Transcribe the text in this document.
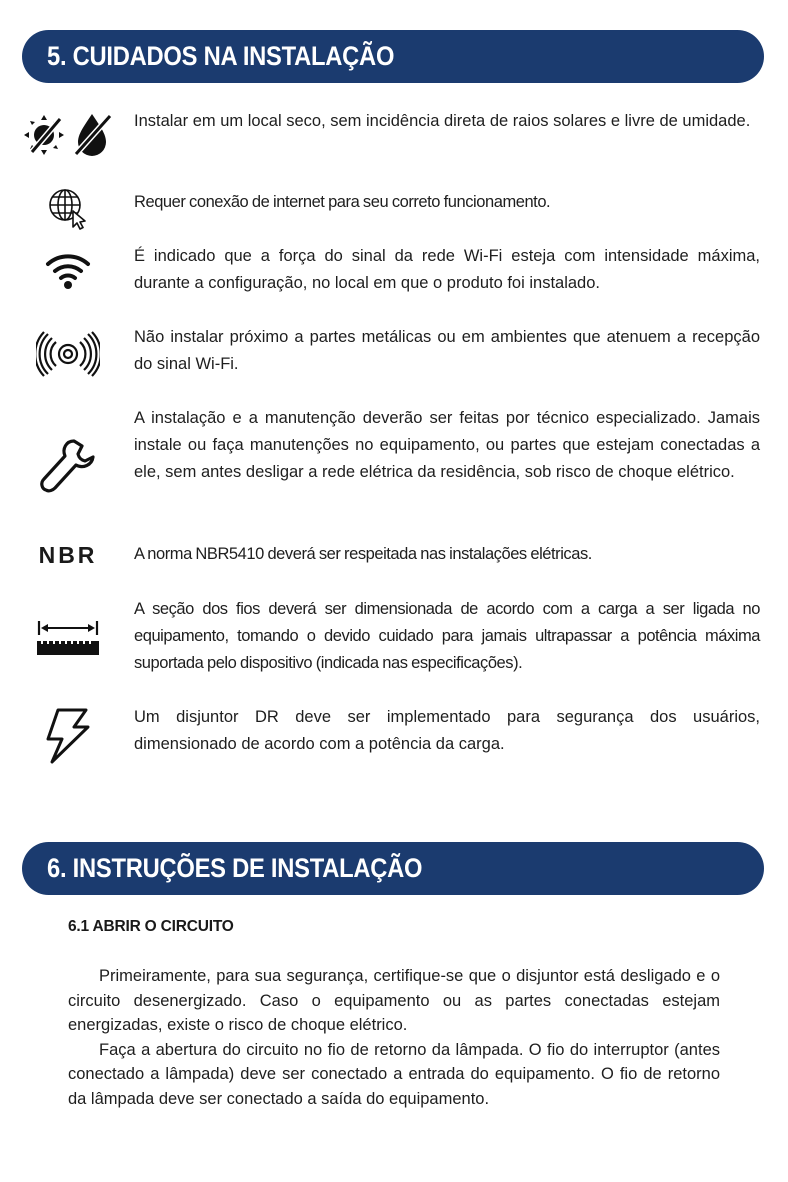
5. CUIDADOS NA INSTALAÇÃO
Instalar em um local seco, sem incidência direta de raios solares e livre de umidade.
Requer conexão de internet para seu correto funcionamento.
É indicado que a força do sinal da rede Wi-Fi esteja com intensidade máxima, durante a configuração, no local em que o produto foi instalado.
Não instalar próximo a partes metálicas ou em ambientes que atenuem a recepção do sinal Wi-Fi.
A instalação e a manutenção deverão ser feitas por técnico especializado. Jamais instale ou faça manutenções no equipamento, ou partes que estejam conectadas a ele, sem antes desligar a rede elétrica da residência, sob risco de choque elétrico.
NBR A norma NBR5410 deverá ser respeitada nas instalações elétricas.
A seção dos fios deverá ser dimensionada de acordo com a carga a ser ligada no equipamento, tomando o devido cuidado para jamais ultrapassar a potência máxima suportada pelo dispositivo (indicada nas especificações).
Um disjuntor DR deve ser implementado para segurança dos usuários, dimensionado de acordo com a potência da carga.
6. INSTRUÇÕES DE INSTALAÇÃO
6.1 ABRIR O CIRCUITO

Primeiramente, para sua segurança, certifique-se que o disjuntor está desligado e o circuito desenergizado. Caso o equipamento ou as partes conectadas estejam energizadas, existe o risco de choque elétrico.

Faça a abertura do circuito no fio de retorno da lâmpada. O fio do interruptor (antes conectado a lâmpada) deve ser conectado a entrada do equipamento. O fio de retorno da lâmpada deve ser conectado a saída do equipamento.
